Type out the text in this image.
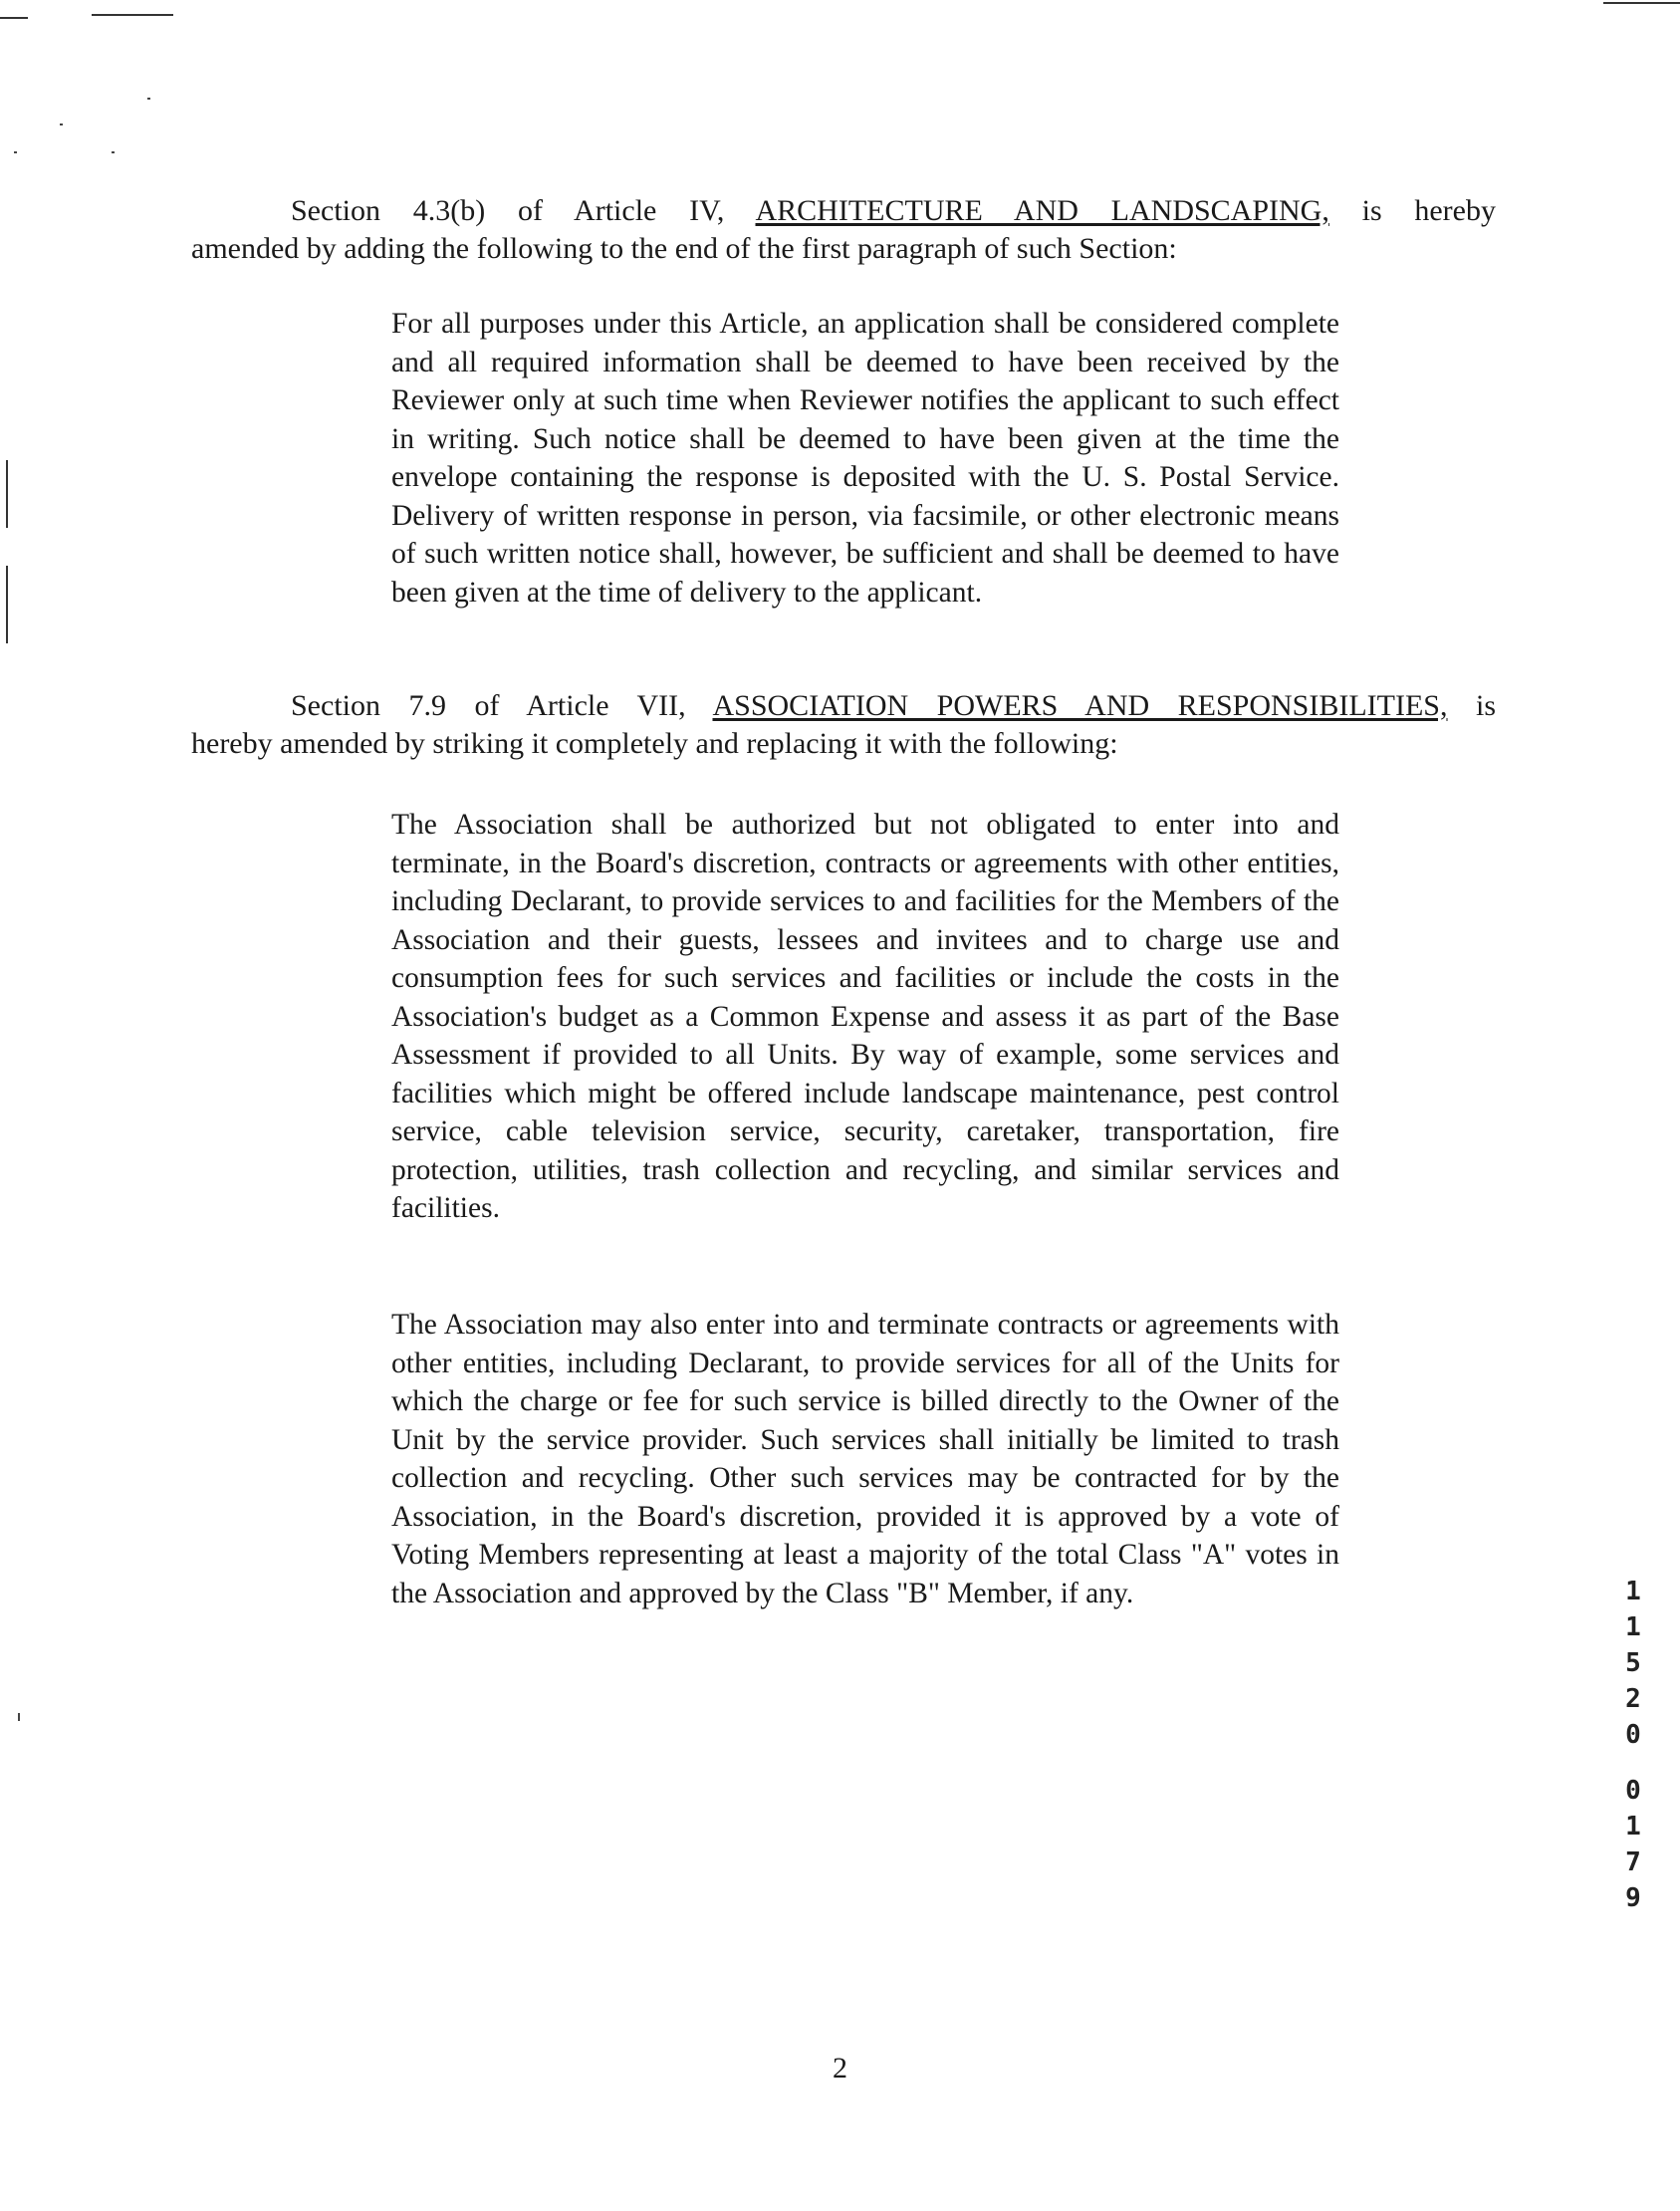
Section 4.3(b) of Article IV, ARCHITECTURE AND LANDSCAPING, is hereby
amended by adding the following to the end of the first paragraph of such Section:

For all purposes under this Article, an application shall be considered complete and all required information shall be deemed to have been received by the Reviewer only at such time when Reviewer notifies the applicant to such effect in writing. Such notice shall be deemed to have been given at the time the envelope containing the response is deposited with the U. S. Postal Service. Delivery of written response in person, via facsimile, or other electronic means of such written notice shall, however, be sufficient and shall be deemed to have been given at the time of delivery to the applicant.

Section 7.9 of Article VII, ASSOCIATION POWERS AND RESPONSIBILITIES, is
hereby amended by striking it completely and replacing it with the following:

The Association shall be authorized but not obligated to enter into and terminate, in the Board's discretion, contracts or agreements with other entities, including Declarant, to provide services to and facilities for the Members of the Association and their guests, lessees and invitees and to charge use and consumption fees for such services and facilities or include the costs in the Association's budget as a Common Expense and assess it as part of the Base Assessment if provided to all Units. By way of example, some services and facilities which might be offered include landscape maintenance, pest control service, cable television service, security, caretaker, transportation, fire protection, utilities, trash collection and recycling, and similar services and facilities.

The Association may also enter into and terminate contracts or agreements with other entities, including Declarant, to provide services for all of the Units for which the charge or fee for such service is billed directly to the Owner of the Unit by the service provider. Such services shall initially be limited to trash collection and recycling. Other such services may be contracted for by the Association, in the Board's discretion, provided it is approved by a vote of Voting Members representing at least a majority of the total Class "A" votes in the Association and approved by the Class "B" Member, if any.	1
1
5
2
0
0
1
7
9
2
